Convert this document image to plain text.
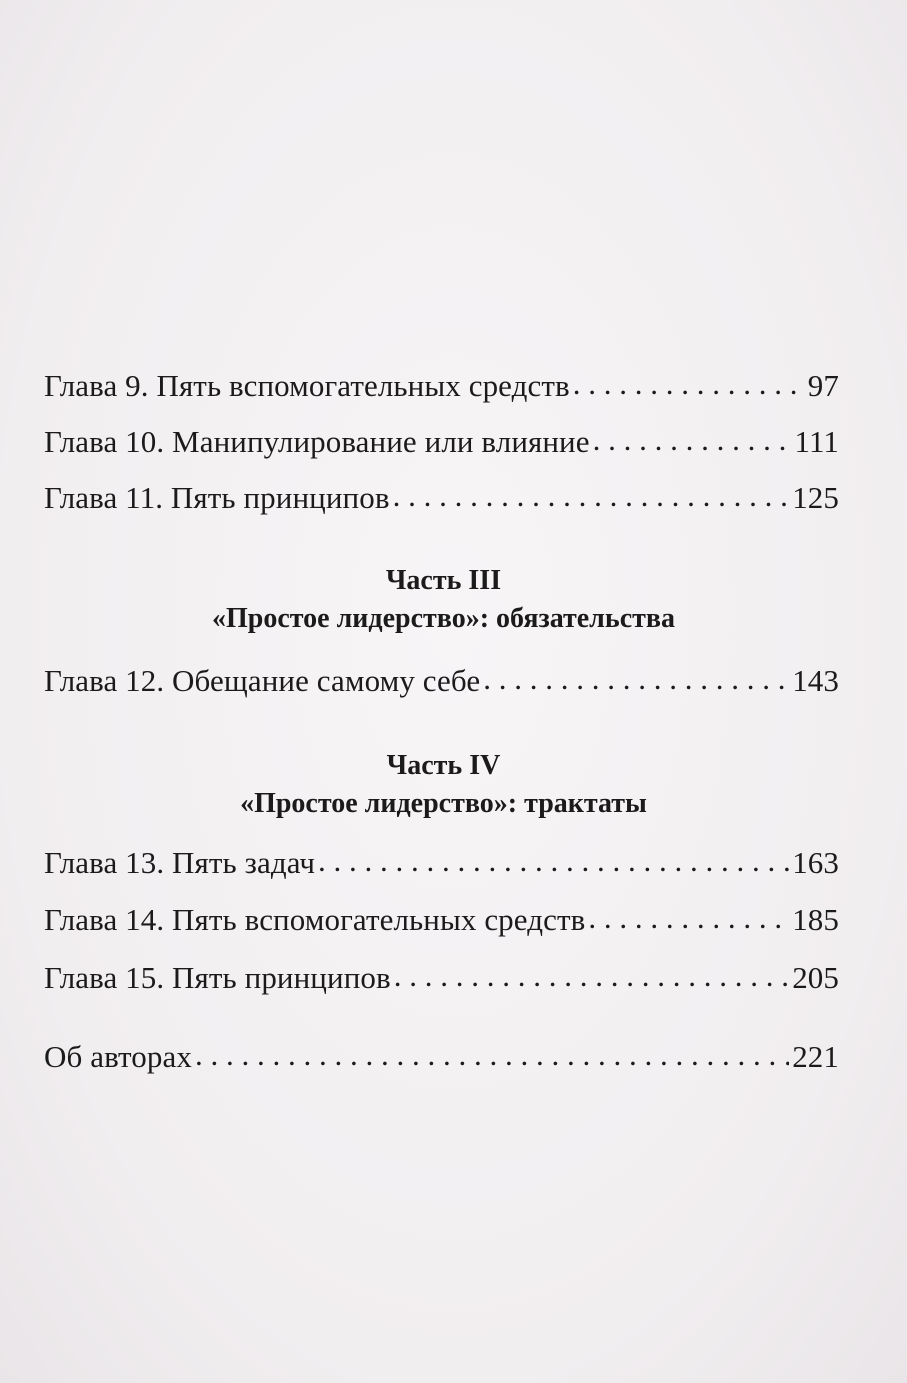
Глава 9. Пять вспомогательных средств . . .	97
Глава 10. Манипулирование или влияние . . .	111
Глава 11. Пять принципов . . .	125
Часть III
«Простое лидерство»: обязательства
Глава 12. Обещание самому себе . . .	143
Часть IV
«Простое лидерство»: трактаты
Глава 13. Пять задач . . .	163
Глава 14. Пять вспомогательных средств . . .	185
Глава 15. Пять принципов . . .	205
Об авторах . . .	221
